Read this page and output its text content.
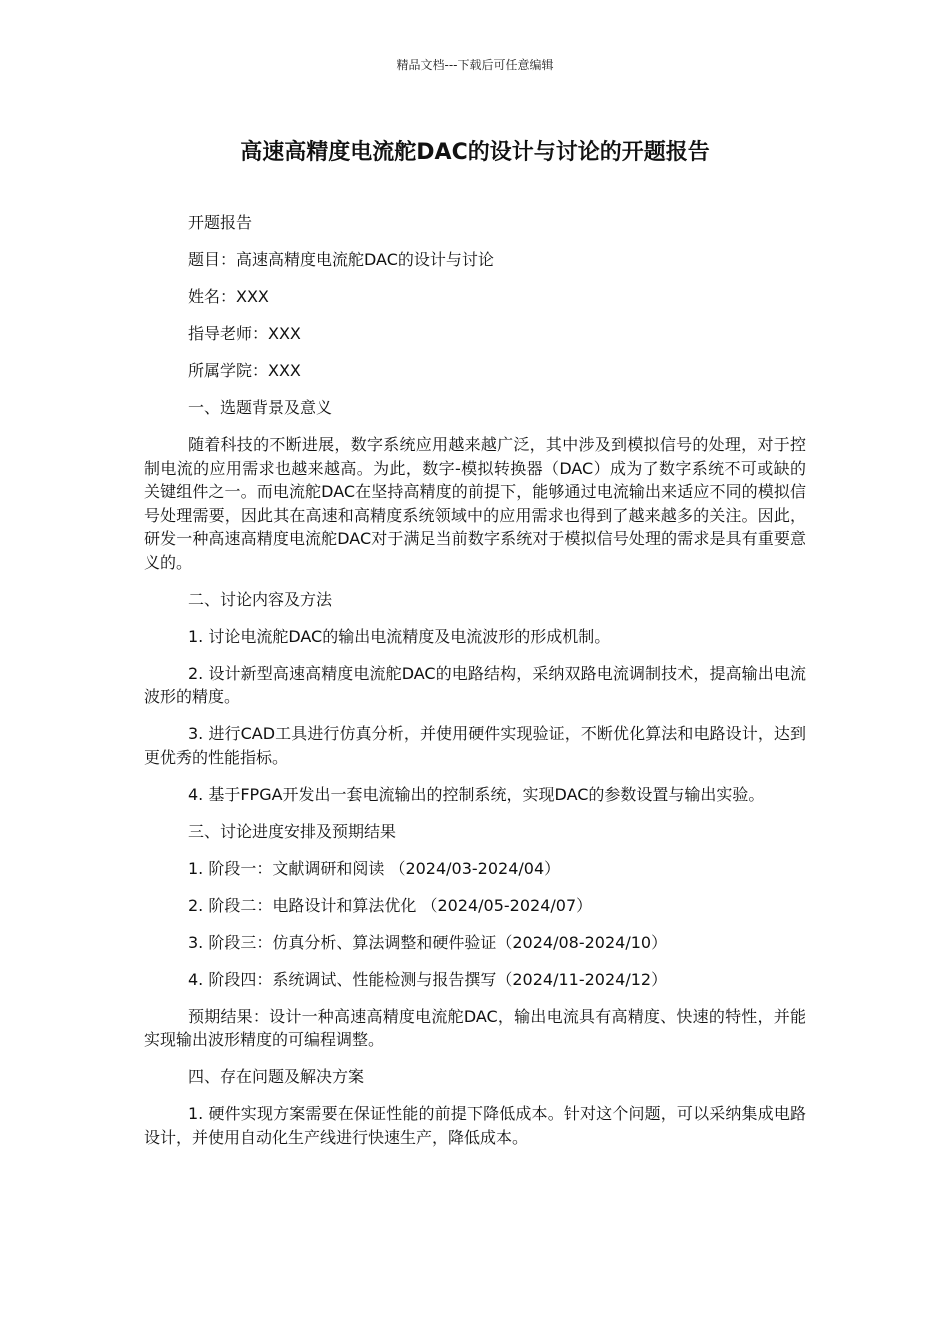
精品文档---下载后可任意编辑
高速高精度电流舵DAC的设计与讨论的开题报告

开题报告

题目：高速高精度电流舵DAC的设计与讨论

姓名：XXX

指导老师：XXX

所属学院：XXX

一、选题背景及意义

随着科技的不断进展，数字系统应用越来越广泛，其中涉及到模拟信号的处理，对于控制电流的应用需求也越来越高。为此，数字-模拟转换器（DAC）成为了数字系统不可或缺的关键组件之一。而电流舵DAC在坚持高精度的前提下，能够通过电流输出来适应不同的模拟信号处理需要，因此其在高速和高精度系统领域中的应用需求也得到了越来越多的关注。因此，研发一种高速高精度电流舵DAC对于满足当前数字系统对于模拟信号处理的需求是具有重要意义的。

二、讨论内容及方法

1. 讨论电流舵DAC的输出电流精度及电流波形的形成机制。

2. 设计新型高速高精度电流舵DAC的电路结构，采纳双路电流调制技术，提高输出电流波形的精度。

3. 进行CAD工具进行仿真分析，并使用硬件实现验证，不断优化算法和电路设计，达到更优秀的性能指标。

4. 基于FPGA开发出一套电流输出的控制系统，实现DAC的参数设置与输出实验。

三、讨论进度安排及预期结果

1. 阶段一：文献调研和阅读 （2024/03-2024/04）

2. 阶段二：电路设计和算法优化 （2024/05-2024/07）

3. 阶段三：仿真分析、算法调整和硬件验证（2024/08-2024/10）

4. 阶段四：系统调试、性能检测与报告撰写（2024/11-2024/12）

预期结果：设计一种高速高精度电流舵DAC，输出电流具有高精度、快速的特性，并能实现输出波形精度的可编程调整。

四、存在问题及解决方案

1. 硬件实现方案需要在保证性能的前提下降低成本。针对这个问题，可以采纳集成电路设计，并使用自动化生产线进行快速生产，降低成本。
